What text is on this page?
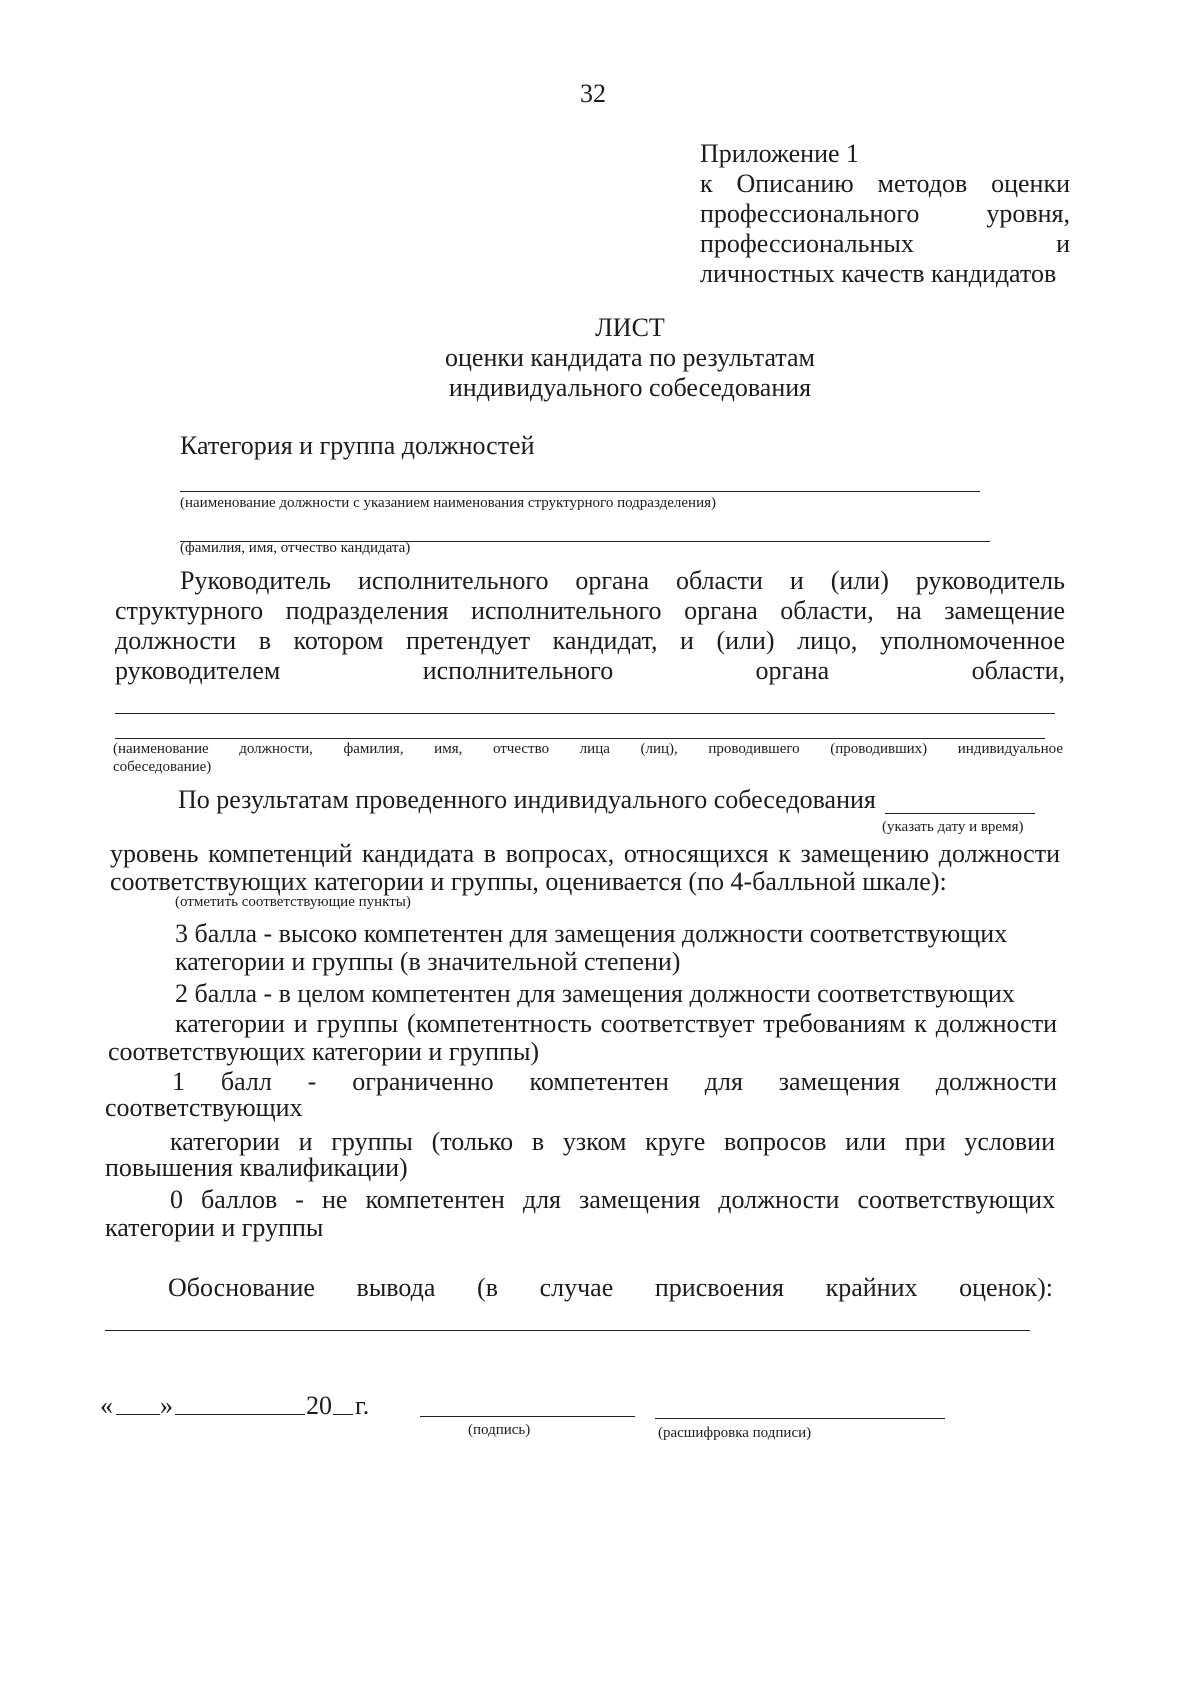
32
Приложение 1
к Описанию методов оценки
профессионального уровня,
профессиональных и
личностных качеств кандидатов
ЛИСТ
оценки кандидата по результатам
индивидуального собеседования
Категория и группа должностей
(наименование должности с указанием наименования структурного подразделения)
(фамилия, имя, отчество кандидата)
Руководитель исполнительного органа области и (или) руководитель
структурного подразделения исполнительного органа области, на замещение
должности в котором претендует кандидат, и (или) лицо, уполномоченное
руководителем исполнительного органа области,
(наименование должности, фамилия, имя, отчество лица (лиц), проводившего (проводивших) индивидуальное
собеседование)
По результатам проведенного индивидуального собеседования
(указать дату и время)
уровень компетенций кандидата в вопросах, относящихся к замещению должности
соответствующих категории и группы, оценивается (по 4-балльной шкале):
(отметить соответствующие пункты)
3 балла - высоко компетентен для замещения должности соответствующих
категории и группы (в значительной степени)
2 балла - в целом компетентен для замещения должности соответствующих
категории и группы (компетентность соответствует требованиям к должности
соответствующих категории и группы)
1 балл - ограниченно компетентен для замещения должности
соответствующих
категории и группы (только в узком круге вопросов или при условии
повышения квалификации)
0 баллов - не компетентен для замещения должности соответствующих
категории и группы
Обоснование вывода (в случае присвоения крайних оценок):
« »	20 г.
(подпись)	(расшифровка подписи)
